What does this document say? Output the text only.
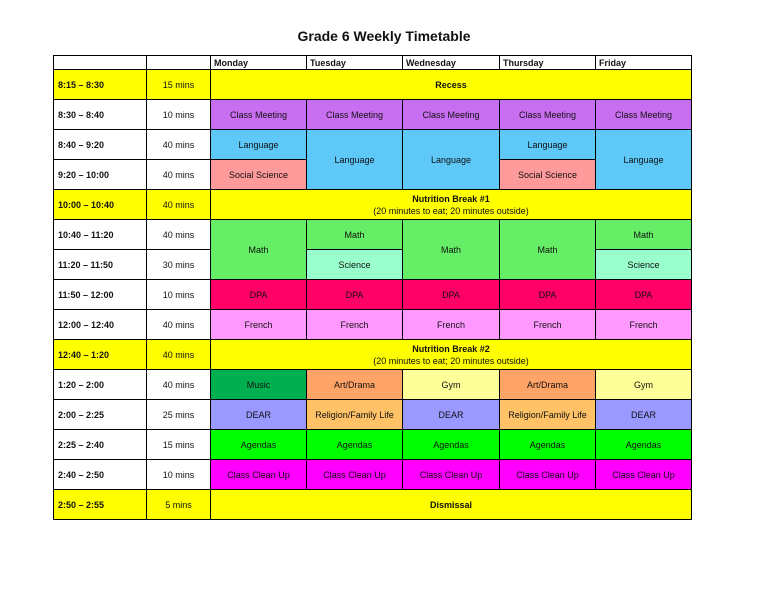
Grade 6 Weekly Timetable
		Monday	Tuesday	Wednesday	Thursday	Friday
8:15 – 8:30	15 mins	Recess				
8:30 – 8:40	10 mins	Class Meeting	Class Meeting	Class Meeting	Class Meeting	Class Meeting
8:40 – 9:20	40 mins	Language	Language	Language	Language	Language
9:20 – 10:00	40 mins	Social Science			Social Science	
10:00 – 10:40	40 mins	Nutrition Break #1
(20 minutes to eat; 20 minutes outside)				

10:40 – 11:20	40 mins	Math	Math	Math	Math	Math
11:20 – 11:50	30 mins		Science			Science
11:50 – 12:00	10 mins	DPA	DPA	DPA	DPA	DPA
12:00 – 12:40	40 mins	French	French	French	French	French
12:40 – 1:20	40 mins	Nutrition Break #2
(20 minutes to eat; 20 minutes outside)				

1:20 – 2:00	40 mins	Music	Art/Drama	Gym	Art/Drama	Gym
2:00 – 2:25	25 mins	DEAR	Religion/Family Life	DEAR	Religion/Family Life	DEAR
2:25 – 2:40	15 mins	Agendas	Agendas	Agendas	Agendas	Agendas
2:40 – 2:50	10 mins	Class Clean Up	Class Clean Up	Class Clean Up	Class Clean Up	Class Clean Up
2:50 – 2:55	5 mins	Dismissal				
